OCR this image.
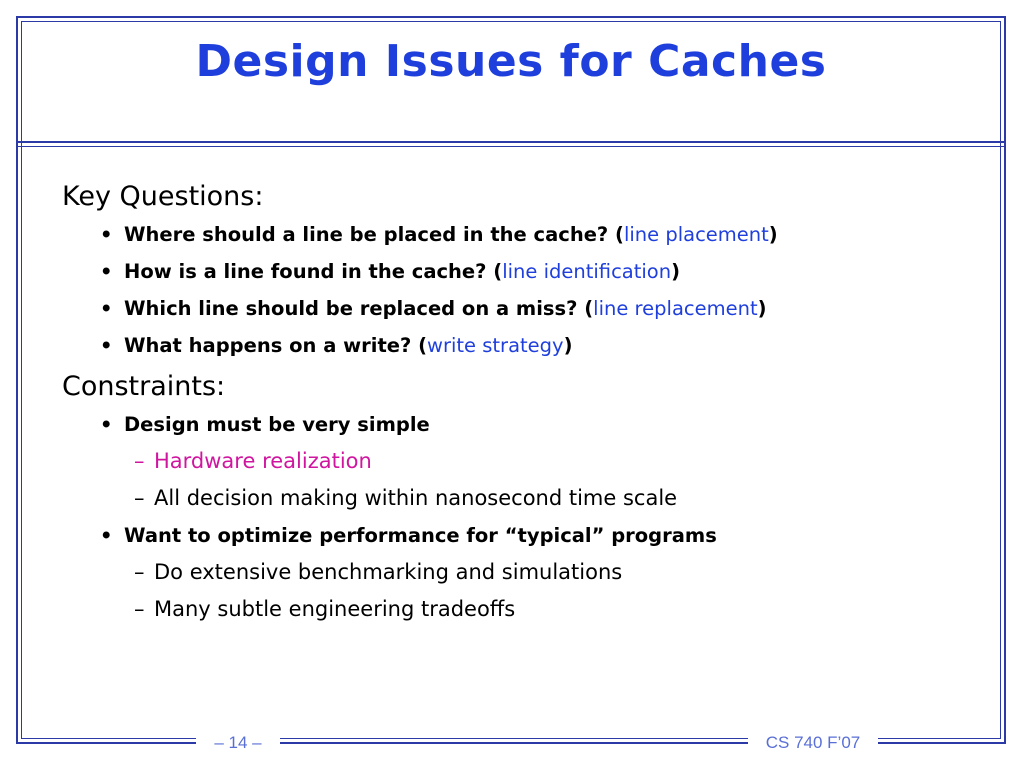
Design Issues for Caches
Key Questions:
• Where should a line be placed in the cache? (line placement)
• How is a line found in the cache? (line identification)
• Which line should be replaced on a miss? (line replacement)
• What happens on a write? (write strategy)
Constraints:
• Design must be very simple
– Hardware realization
– All decision making within nanosecond time scale
• Want to optimize performance for “typical” programs
– Do extensive benchmarking and simulations
– Many subtle engineering tradeoffs
– 14 –	CS 740 F’07
